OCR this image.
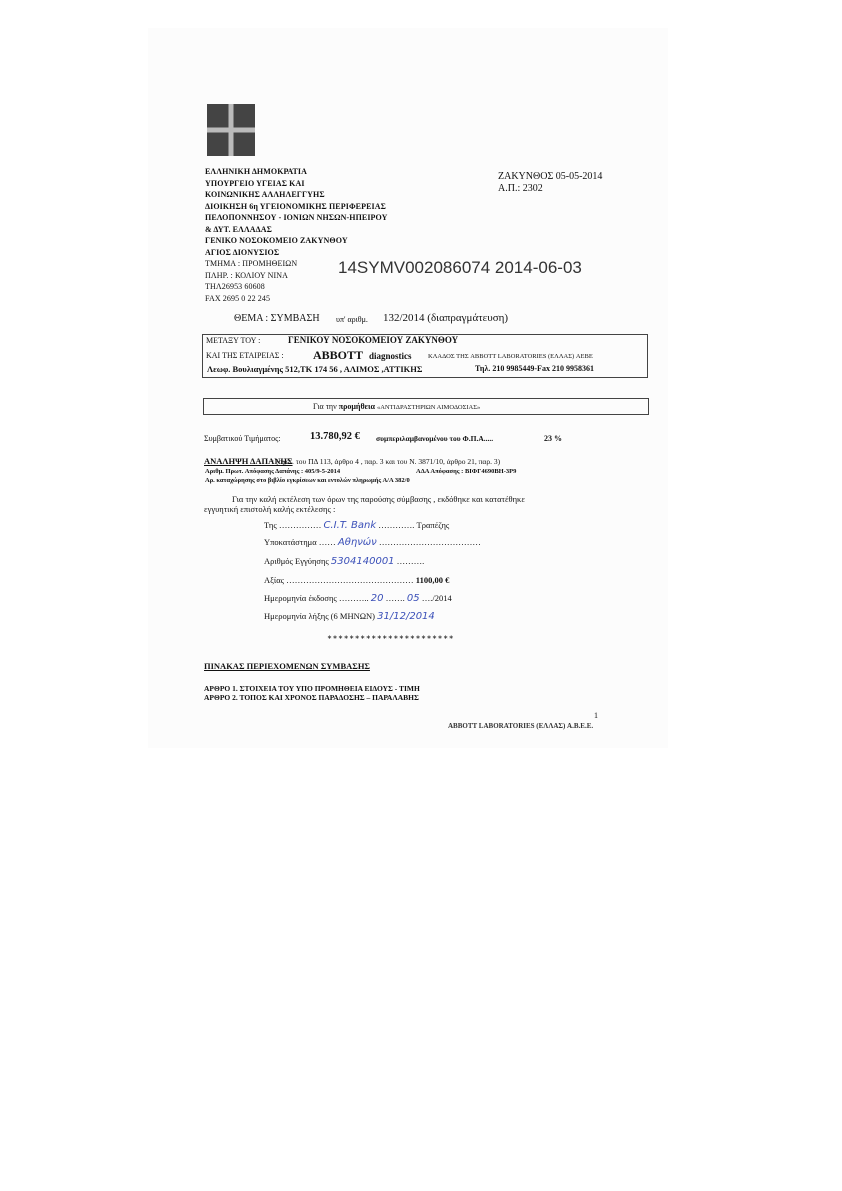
ΕΛΛΗΝΙΚΗ ΔΗΜΟΚΡΑΤΙΑ
ΥΠΟΥΡΓΕΙΟ ΥΓΕΙΑΣ ΚΑΙ
ΚΟΙΝΩΝΙΚΗΣ ΑΛΛΗΛΕΓΓΥΗΣ
ΔΙΟΙΚΗΣΗ 6η ΥΓΕΙΟΝΟΜΙΚΗΣ ΠΕΡΙΦΕΡΕΙΑΣ
ΠΕΛΟΠΟΝΝΗΣΟΥ - ΙΟΝΙΩΝ ΝΗΣΩΝ-ΗΠΕΙΡΟΥ
& ΔΥΤ. ΕΛΛΑΔΑΣ
ΓΕΝΙΚΟ ΝΟΣΟΚΟΜΕΙΟ ΖΑΚΥΝΘΟΥ
ΑΓΙΟΣ ΔΙΟΝΥΣΙΟΣ
ΤΜΗΜΑ : ΠΡΟΜΗΘΕΙΩΝ
ΠΛΗΡ. : ΚΟΛΙΟΥ ΝΙΝΑ
ΤΗΛ26953 60608
FAX 2695 0 22 245
ΖΑΚΥΝΘΟΣ 05-05-2014
Α.Π.: 2302
14SYMV002086074 2014-06-03
ΘΕΜΑ : ΣΥΜΒΑΣΗ υπ' αριθμ. 132/2014 (διαπραγμάτευση)
ΜΕΤΑΞΥ ΤΟΥ :	ΓΕΝΙΚΟΥ ΝΟΣΟΚΟΜΕΙΟΥ ΖΑΚΥΝΘΟΥ
ΚΑΙ ΤΗΣ ΕΤΑΙΡΕΙΑΣ : ABBOTT diagnostics	ΚΛΑΔΟΣ ΤΗΣ ABBOTT LABORATORIES (ΕΛΛΑΣ) ΑΕΒΕ
Λεωφ. Βουλιαγμένης 512,ΤΚ 174 56 , ΑΛΙΜΟΣ ,ΑΤΤΙΚΗΣ	Τηλ. 210 9985449-Fax 210 9958361
Για την προμήθεια «ΑΝΤΙΔΡΑΣΤΗΡΙΩΝ ΑΙΜΟΔΟΣΙΑΣ»
Συμβατικού Τιμήματος:	13.780,92 € συμπεριλαμβανομένου του Φ.Π.Α.....	23 %
ΑΝΑΛΗΨΗ ΔΑΠΑΝΗΣ
: (σχετ. του ΠΔ 113, άρθρο 4 , παρ. 3 και του Ν. 3871/10, άρθρο 21, παρ. 3)
Αριθμ. Πρωτ. Απόφασης Δαπάνης : 405/9-5-2014	ΑΔΑ Απόφασης : ΒΙΦΓ4690ΒΗ-3Ρ9
Αρ. καταχώρησης στο βιβλίο εγκρίσεων και εντολών πληρωμής Α/Α 382/0
Για την καλή εκτέλεση των όρων της παρούσης σύμβασης , εκδόθηκε και κατατέθηκε
εγγυητική επιστολή καλής εκτέλεσης :
Της …………… C.I.T. Bank …………. Τραπέζης
Υποκατάστημα …… Αθηνών ………………………………
Αριθμός Εγγύησης 5304140001 ……….
Αξίας ……………………………………… 1100,00 €
Ημερομηνία έκδοσης ……….. 20 ……. 05 …./2014
Ημερομηνία λήξης (6 ΜΗΝΩΝ) 31/12/2014
∗∗∗∗∗∗∗∗∗∗∗∗∗∗∗∗∗∗∗∗∗∗∗
ΠΙΝΑΚΑΣ ΠΕΡΙΕΧΟΜΕΝΩΝ ΣΥΜΒΑΣΗΣ
ΑΡΘΡΟ 1. ΣΤΟΙΧΕΙΑ ΤΟΥ ΥΠΟ ΠΡΟΜΗΘΕΙΑ ΕΙΔΟΥΣ - ΤΙΜΗ
ΑΡΘΡΟ 2. ΤΟΠΟΣ ΚΑΙ ΧΡΟΝΟΣ ΠΑΡΑΔΟΣΗΣ – ΠΑΡΑΛΑΒΗΣ
ABBOTT LABORATORIES (ΕΛΛΑΣ) Α.Β.Ε.Ε.
1
